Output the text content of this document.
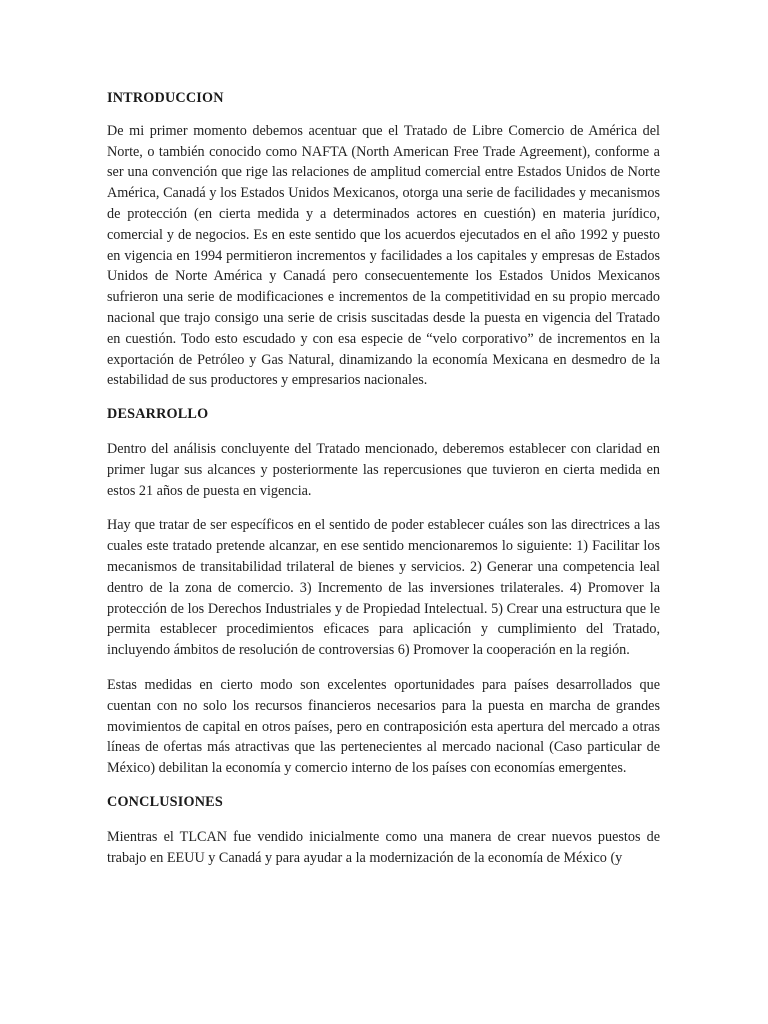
INTRODUCCION

De mi primer momento debemos acentuar que el Tratado de Libre Comercio de América del Norte, o también conocido como NAFTA (North American Free Trade Agreement), conforme a ser una convención que rige las relaciones de amplitud comercial entre Estados Unidos de Norte América, Canadá y los Estados Unidos Mexicanos, otorga una serie de facilidades y mecanismos de protección (en cierta medida y a determinados actores en cuestión) en materia jurídico, comercial y de negocios. Es en este sentido que los acuerdos ejecutados en el año 1992 y puesto en vigencia en 1994 permitieron incrementos y facilidades a los capitales y empresas de Estados Unidos de Norte América y Canadá pero consecuentemente los Estados Unidos Mexicanos sufrieron una serie de modificaciones e incrementos de la competitividad en su propio mercado nacional que trajo consigo una serie de crisis suscitadas desde la puesta en vigencia del Tratado en cuestión. Todo esto escudado y con esa especie de “velo corporativo” de incrementos en la exportación de Petróleo y Gas Natural, dinamizando la economía Mexicana en desmedro de la estabilidad de sus productores y empresarios nacionales.

DESARROLLO

Dentro del análisis concluyente del Tratado mencionado, deberemos establecer con claridad en primer lugar sus alcances y posteriormente las repercusiones que tuvieron en cierta medida en estos 21 años de puesta en vigencia.

Hay que tratar de ser específicos en el sentido de poder establecer cuáles son las directrices a las cuales este tratado pretende alcanzar, en ese sentido mencionaremos lo siguiente: 1) Facilitar los mecanismos de transitabilidad trilateral de bienes y servicios. 2) Generar una competencia leal dentro de la zona de comercio. 3) Incremento de las inversiones trilaterales. 4) Promover la protección de los Derechos Industriales y de Propiedad Intelectual. 5) Crear una estructura que le permita establecer procedimientos eficaces para aplicación y cumplimiento del Tratado, incluyendo ámbitos de resolución de controversias 6) Promover la cooperación en la región.

Estas medidas en cierto modo son excelentes oportunidades para países desarrollados que cuentan con no solo los recursos financieros necesarios para la puesta en marcha de grandes movimientos de capital en otros países, pero en contraposición esta apertura del mercado a otras líneas de ofertas más atractivas que las pertenecientes al mercado nacional (Caso particular de México) debilitan la economía y comercio interno de los países con economías emergentes.

CONCLUSIONES

Mientras el TLCAN fue vendido inicialmente como una manera de crear nuevos puestos de trabajo en EEUU y Canadá y para ayudar a la modernización de la economía de México (y
